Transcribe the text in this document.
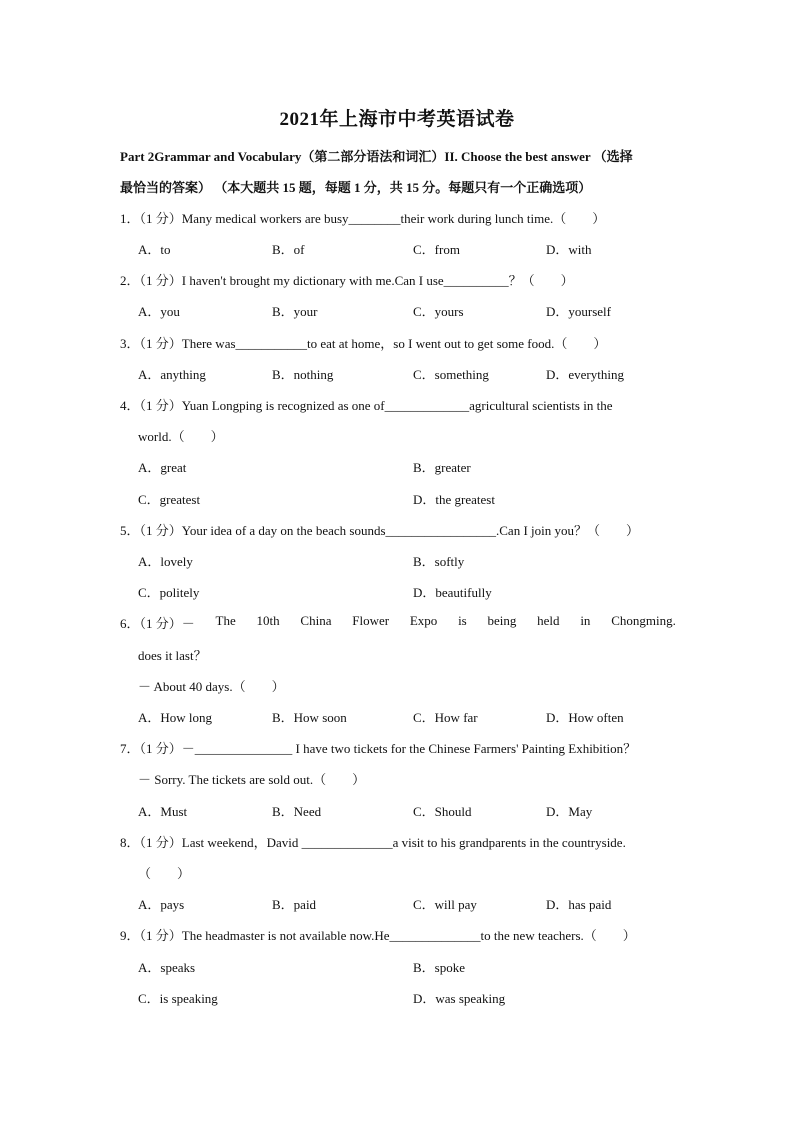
2021年上海市中考英语试卷
Part 2Grammar and Vocabulary（第二部分语法和词汇）II. Choose the best answer （选择
最恰当的答案） （本大题共 15 题，每题 1 分，共 15 分。每题只有一个正确选项）
1．（1 分）Many medical workers are busy________their work during lunch time.（　　）
A．to	B．of	C．from	D．with
2．（1 分）I haven't brought my dictionary with me.Can I use__________？（　　）
A．you	B．your	C．yours	D．yourself
3．（1 分）There was___________to eat at home，so I went out to get some food.（　　）
A．anything	B．nothing	C．something	D．everything
4．（1 分）Yuan Longping is recognized as one of_____________agricultural scientists in the
world.（　　）
A．great	B．greater
C．greatest	D．the greatest
5．（1 分）Your idea of a day on the beach sounds_________________.Can I join you？（　　）
A．lovely	B．softly
C．politely	D．beautifully
6．（1 分）－ The 10th China Flower Expo is being held in Chongming.
does it last？
－ About 40 days.（　　）
A．How long	B．How soon	C．How far	D．How often
7．（1 分）－_______________ I have two tickets for the Chinese Farmers' Painting Exhibition？
－ Sorry. The tickets are sold out.（　　）
A．Must	B．Need	C．Should	D．May
8．（1 分）Last weekend，David ______________a visit to his grandparents in the countryside.
（　　）
A．pays	B．paid	C．will pay	D．has paid
9．（1 分）The headmaster is not available now.He______________to the new teachers.（　　）
A．speaks	B．spoke
C．is speaking	D．was speaking
